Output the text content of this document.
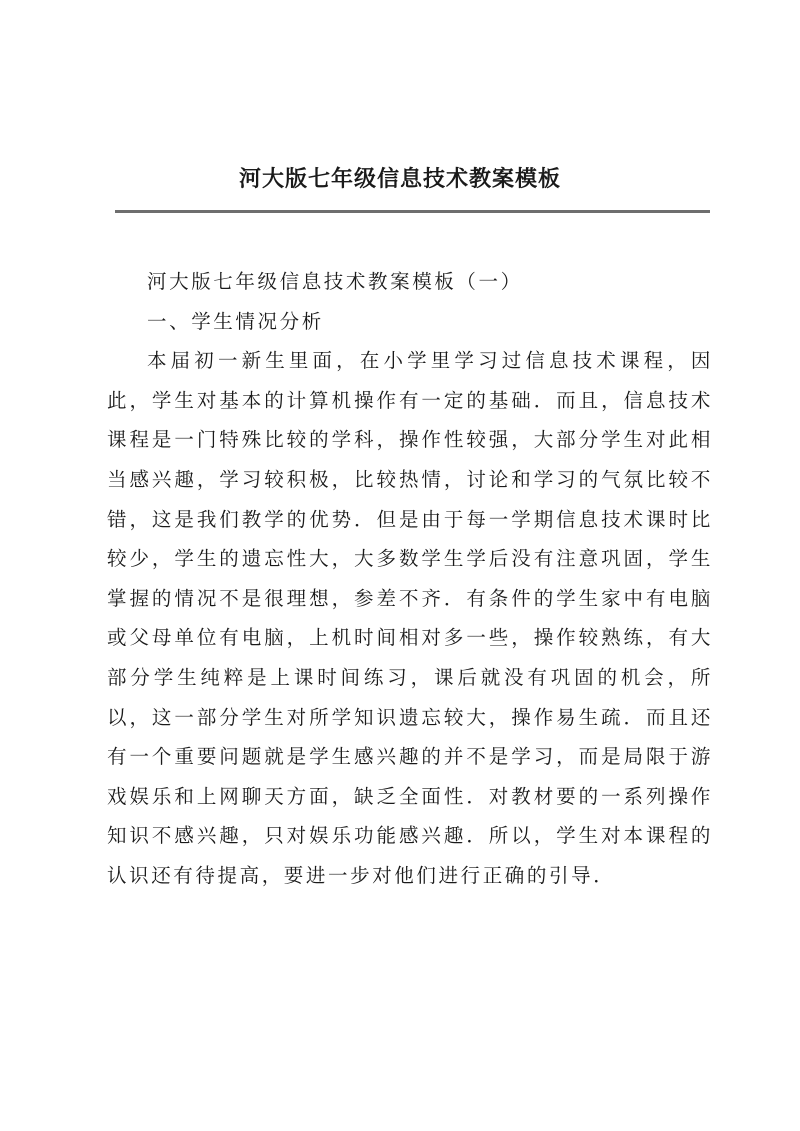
河大版七年级信息技术教案模板

河大版七年级信息技术教案模板（一）

一、学生情况分析

本届初一新生里面，在小学里学习过信息技术课程，因此，学生对基本的计算机操作有一定的基础．而且，信息技术课程是一门特殊比较的学科，操作性较强，大部分学生对此相当感兴趣，学习较积极，比较热情，讨论和学习的气氛比较不错，这是我们教学的优势．但是由于每一学期信息技术课时比较少，学生的遗忘性大，大多数学生学后没有注意巩固，学生掌握的情况不是很理想，参差不齐．有条件的学生家中有电脑或父母单位有电脑，上机时间相对多一些，操作较熟练，有大部分学生纯粹是上课时间练习，课后就没有巩固的机会，所以，这一部分学生对所学知识遗忘较大，操作易生疏．而且还有一个重要问题就是学生感兴趣的并不是学习，而是局限于游戏娱乐和上网聊天方面，缺乏全面性．对教材要的一系列操作知识不感兴趣，只对娱乐功能感兴趣．所以，学生对本课程的认识还有待提高，要进一步对他们进行正确的引导．
